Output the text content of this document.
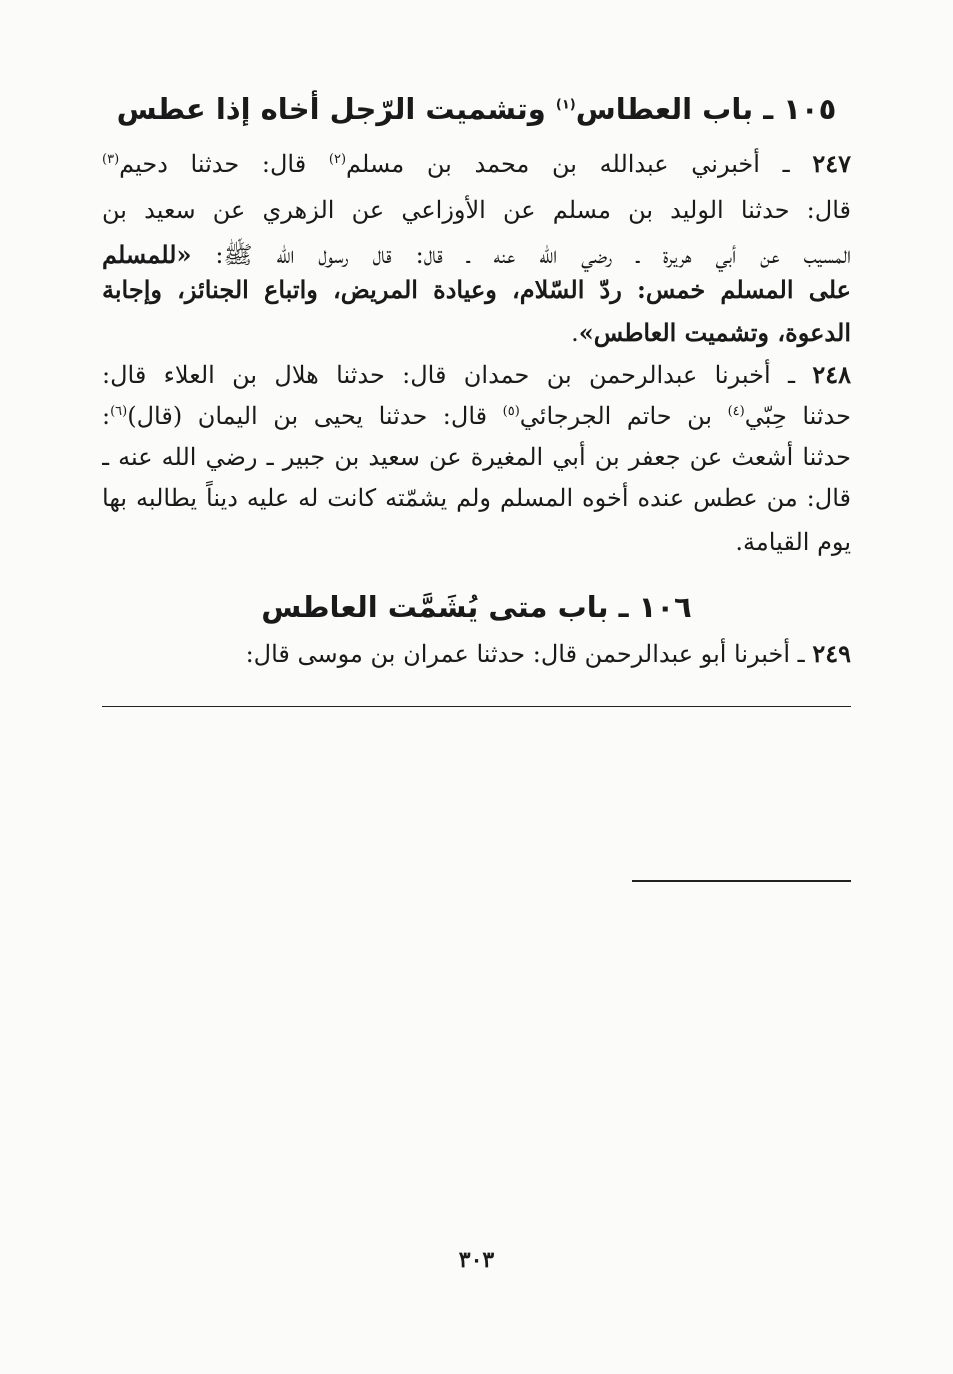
١٠٥ ـ باب العطاس$^{(١)}$ وتشميت الرّجل أخاه إذا عطس
٢٤٧ ـ أخبرني عبدالله بن محمد بن مسلم$^{(٢)}$ قال: حدثنا دحيم$^{(٣)}$
قال: حدثنا الوليد بن مسلم عن الأوزاعي عن الزهري عن سعيد بن
المسيب عن أبي هريرة ـ رضي الله عنه ـ قال: قال رسول الله ﷺ: «للمسلم
على المسلم خمس: ردّ السّلام، وعيادة المريض، واتباع الجنائز، وإجابة
الدعوة، وتشميت العاطس».
٢٤٨ ـ أخبرنا عبدالرحمن بن حمدان قال: حدثنا هلال بن العلاء قال:
حدثنا حِبّي$^{(٤)}$ بن حاتم الجرجائي$^{(٥)}$ قال: حدثنا يحيى بن اليمان (قال)$^{(٦)}$:
حدثنا أشعث عن جعفر بن أبي المغيرة عن سعيد بن جبير ـ رضي الله عنه ـ
قال: من عطس عنده أخوه المسلم ولم يشمّته كانت له عليه ديناً يطالبه بها
يوم القيامة.
١٠٦ ـ باب متى يُشَمَّت العاطس
٢٤٩ ـ أخبرنا أبو عبدالرحمن قال: حدثنا عمران بن موسى قال:
٣٠٣
